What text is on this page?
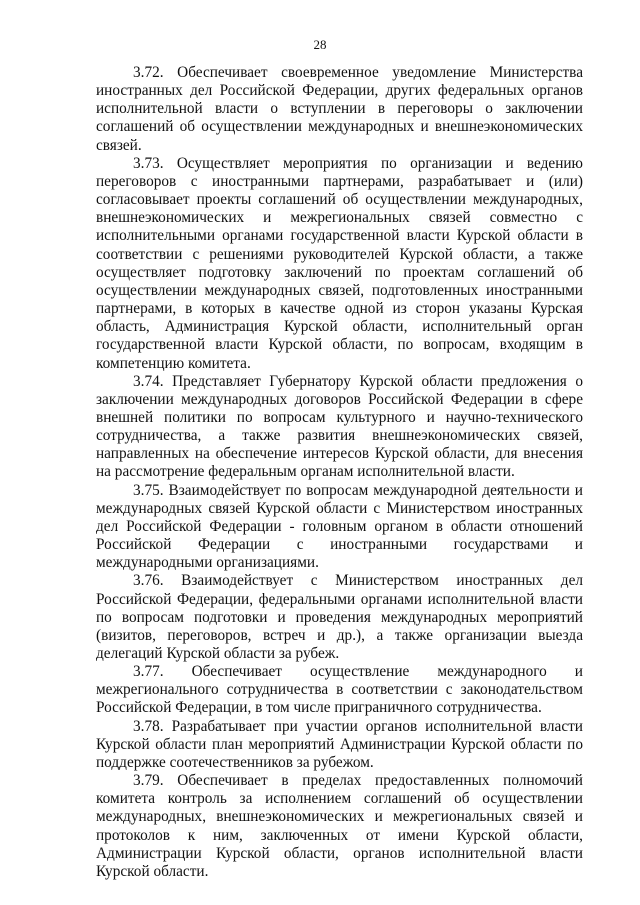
28

3.72. Обеспечивает своевременное уведомление Министерства иностранных дел Российской Федерации, других федеральных органов исполнительной власти о вступлении в переговоры о заключении соглашений об осуществлении международных и внешнеэкономических связей.

3.73. Осуществляет мероприятия по организации и ведению переговоров с иностранными партнерами, разрабатывает и (или) согласовывает проекты соглашений об осуществлении международных, внешнеэкономических и межрегиональных связей совместно с исполнительными органами государственной власти Курской области в соответствии с решениями руководителей Курской области, а также осуществляет подготовку заключений по проектам соглашений об осуществлении международных связей, подготовленных иностранными партнерами, в которых в качестве одной из сторон указаны Курская область, Администрация Курской области, исполнительный орган государственной власти Курской области, по вопросам, входящим в компетенцию комитета.

3.74. Представляет Губернатору Курской области предложения о заключении международных договоров Российской Федерации в сфере внешней политики по вопросам культурного и научно-технического сотрудничества, а также развития внешнеэкономических связей, направленных на обеспечение интересов Курской области, для внесения на рассмотрение федеральным органам исполнительной власти.

3.75. Взаимодействует по вопросам международной деятельности и международных связей Курской области с Министерством иностранных дел Российской Федерации - головным органом в области отношений Российской Федерации с иностранными государствами и международными организациями.

3.76. Взаимодействует с Министерством иностранных дел Российской Федерации, федеральными органами исполнительной власти по вопросам подготовки и проведения международных мероприятий (визитов, переговоров, встреч и др.), а также организации выезда делегаций Курской области за рубеж.

3.77. Обеспечивает осуществление международного и межрегионального сотрудничества в соответствии с законодательством Российской Федерации, в том числе приграничного сотрудничества.

3.78. Разрабатывает при участии органов исполнительной власти Курской области план мероприятий Администрации Курской области по поддержке соотечественников за рубежом.

3.79. Обеспечивает в пределах предоставленных полномочий комитета контроль за исполнением соглашений об осуществлении международных, внешнеэкономических и межрегиональных связей и протоколов к ним, заключенных от имени Курской области, Администрации Курской области, органов исполнительной власти Курской области.
